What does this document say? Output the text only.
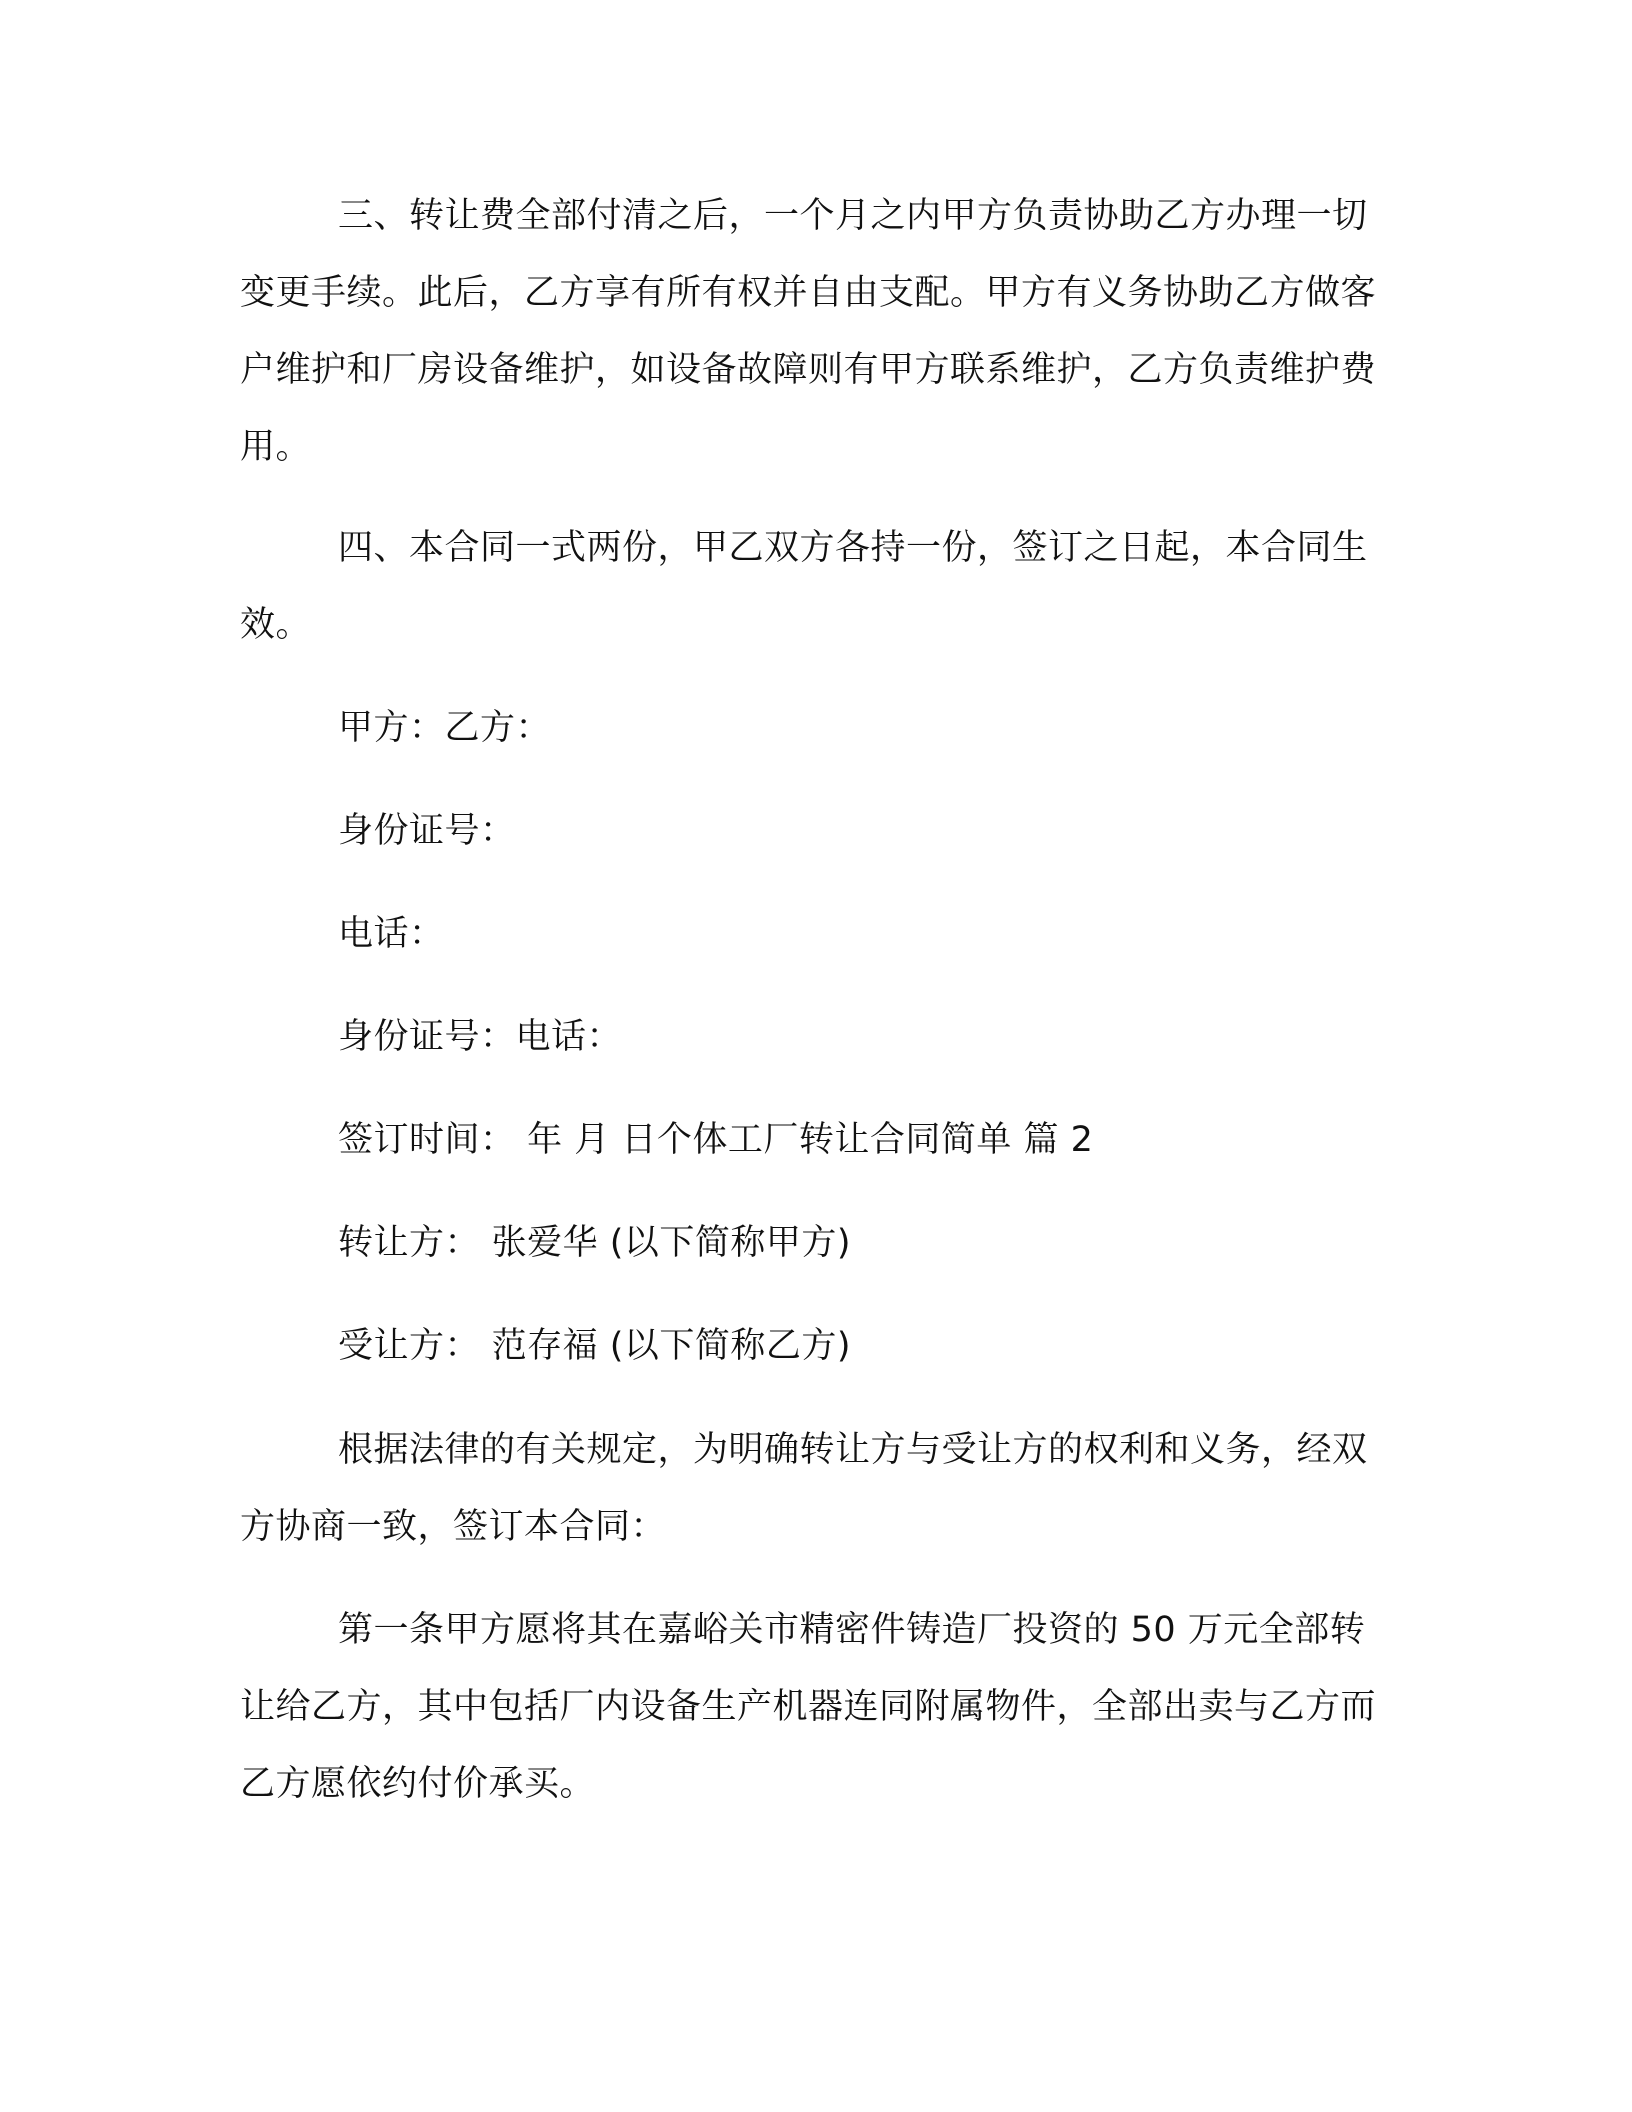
三、转让费全部付清之后，一个月之内甲方负责协助乙方办理一切变更手续。此后，乙方享有所有权并自由支配。甲方有义务协助乙方做客户维护和厂房设备维护，如设备故障则有甲方联系维护，乙方负责维护费用。

四、本合同一式两份，甲乙双方各持一份，签订之日起，本合同生效。

甲方：乙方：

身份证号：

电话：

身份证号：电话：

签订时间： 年 月 日个体工厂转让合同简单 篇 2

转让方： 张爱华 (以下简称甲方)

受让方： 范存福 (以下简称乙方)

根据法律的有关规定，为明确转让方与受让方的权利和义务，经双方协商一致，签订本合同：

第一条甲方愿将其在嘉峪关市精密件铸造厂投资的 50 万元全部转让给乙方，其中包括厂内设备生产机器连同附属物件，全部出卖与乙方而乙方愿依约付价承买。
